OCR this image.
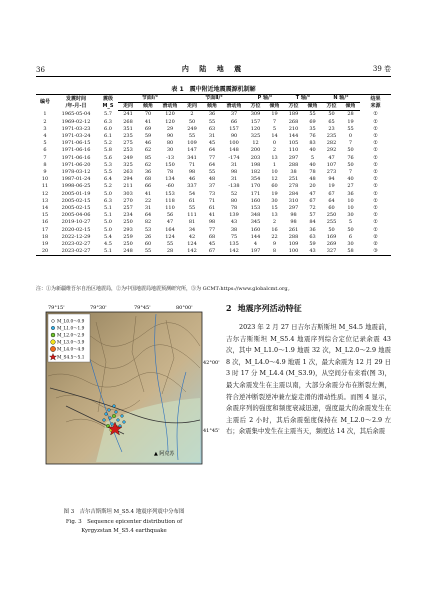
36	内 陆 地 震	39 卷
表 1　震中附近地震震源机制解
编号	发震时间
/年-月-日	震级
M_S	节面Ⅰ/°			节面Ⅱ/°			P 轴/°		T 轴/°		N 轴/°		结果
来源
			走向	倾角	滑动角	走向	倾角	滑动角	方位	倾角	方位	倾角	方位	倾角	
1	1965-05-04	5.7	241	70	120	2	36	37	309	19	189	55	50	28	①
2	1969-02-12	6.3	268	41	120	50	55	66	157	7	268	69	65	19	①
3	1971-03-23	6.0	351	69	29	249	63	157	120	5	210	35	23	55	①
4	1971-03-24	6.1	235	59	90	55	31	90	325	14	144	76	235	0	①
5	1971-06-15	5.2	275	46	80	109	45	100	12	0	105	83	282	7	①
6	1971-06-16	5.8	253	62	30	147	64	148	200	2	110	40	292	50	①
7	1971-06-16	5.6	249	85	-13	341	77	-174	203	13	297	5	47	76	①
8	1971-06-20	5.3	325	62	150	71	64	31	198	1	288	40	107	50	①
9	1978-03-12	5.5	263	36	78	98	55	98	182	10	38	78	273	7	①
10	1987-01-24	6.4	294	68	134	46	48	31	354	12	251	48	94	40	①
11	1998-06-25	5.2	211	66	-60	337	37	-138	170	60	278	20	19	27	①
12	2005-01-19	5.0	303	41	153	54	73	52	171	19	284	47	67	36	①
13	2005-02-15	6.3	270	22	118	61	71	80	160	30	310	67	64	10	①
14	2005-02-15	5.1	257	31	110	55	61	78	153	15	297	72	60	10	①
15	2005-04-06	5.1	234	64	56	111	41	139	348	13	98	57	250	30	①
16	2019-10-27	5.0	250	82	47	81	98	43	345	2	98	84	255	5	①
17	2020-02-15	5.0	293	53	164	34	77	38	160	16	261	36	50	50	①
18	2022-12-29	5.4	259	26	124	42	68	75	144	22	288	63	169	6	②
19	2023-02-27	4.5	250	60	55	124	45	135	4	9	109	59	269	30	②
20	2023-02-27	5.1	248	55	28	142	67	142	197	8	100	43	327	58	③
注：①为新疆维吾尔自治区地震局，②为中国地震局地震预测研究所，③为 GCMT:https://www.globalcmt.org。
▲ 阿克苏
79°15'	79°30'	79°45'	80°00'
42°00'
41°45'
M_L0.0～0.9
M_L1.0～1.9
M_L2.0～2.9
M_L3.0～3.9
M_L4.0～4.9
M_S4.5～5.1
图 3　吉尔吉斯斯坦 M_S5.4 地震序列震中分布图
Fig. 3　Sequence epicenter distribution of
Kyrgyzstan M_S5.4 earthquake
2 地震序列活动特征

2023 年 2 月 27 日吉尔吉斯斯坦 M_S4.5 地震前，吉尔吉斯斯坦 M_S5.4 地震序列综合定位记录余震 43 次，其中 M_L1.0～1.9 地震 32 次，M_L2.0～2.9 地震 8 次，M_L4.0～4.9 地震 1 次，最大余震为 12 月 29 日 3 时 17 分 M_L4.4 (M_S3.9)，从空间分布来看(图 3)，最大余震发生在主震以南，大部分余震分布在断裂左侧，符合逆冲断裂逆冲兼左旋走滑的滑动性质。而图 4 显示，余震序列的强度和频度衰减迅速，强度最大的余震发生在主震后 2 小时，其后余震强度保持在 M_L2.0～2.9 左右；余震集中发生在主震当天，频度达 14 次，其后余震
